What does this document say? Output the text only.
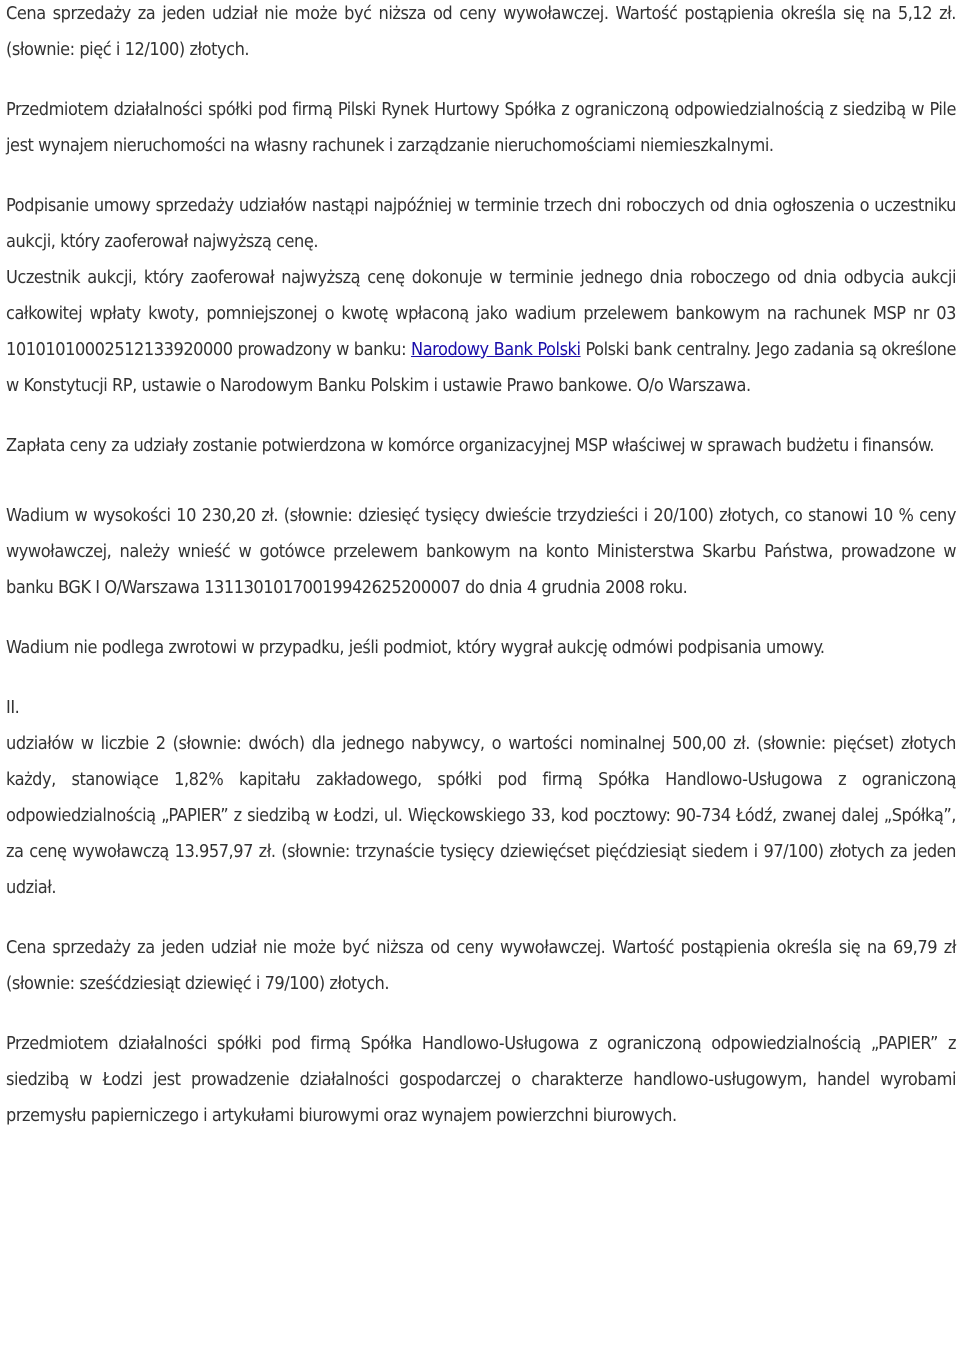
Cena sprzedaży za jeden udział nie może być niższa od ceny wywoławczej. Wartość postąpienia określa się na 5,12 zł. (słownie: pięć i 12/100) złotych.

Przedmiotem działalności spółki pod firmą Pilski Rynek Hurtowy Spółka z ograniczoną odpowiedzialnością z siedzibą w Pile jest wynajem nieruchomości na własny rachunek i zarządzanie nieruchomościami niemieszkalnymi.

Podpisanie umowy sprzedaży udziałów nastąpi najpóźniej w terminie trzech dni roboczych od dnia ogłoszenia o uczestniku aukcji, który zaoferował najwyższą cenę.

Uczestnik aukcji, który zaoferował najwyższą cenę dokonuje w terminie jednego dnia roboczego od dnia odbycia aukcji całkowitej wpłaty kwoty, pomniejszonej o kwotę wpłaconą jako wadium przelewem bankowym na rachunek MSP nr 03 10101010002512133920000 prowadzony w banku: Narodowy Bank Polski Polski bank centralny. Jego zadania są określone w Konstytucji RP, ustawie o Narodowym Banku Polskim i ustawie Prawo bankowe. O/o Warszawa.

Zapłata ceny za udziały zostanie potwierdzona w komórce organizacyjnej MSP właściwej w sprawach budżetu i finansów.

Wadium w wysokości 10 230,20 zł. (słownie: dziesięć tysięcy dwieście trzydzieści i 20/100) złotych, co stanowi 10 % ceny wywoławczej, należy wnieść w gotówce przelewem bankowym na konto Ministerstwa Skarbu Państwa, prowadzone w banku BGK I O/Warszawa 13113010170019942625200007 do dnia 4 grudnia 2008 roku.

Wadium nie podlega zwrotowi w przypadku, jeśli podmiot, który wygrał aukcję odmówi podpisania umowy.

II.

udziałów w liczbie 2 (słownie: dwóch) dla jednego nabywcy, o wartości nominalnej 500,00 zł. (słownie: pięćset) złotych każdy, stanowiące 1,82% kapitału zakładowego, spółki pod firmą Spółka Handlowo-Usługowa z ograniczoną odpowiedzialnością „PAPIER” z siedzibą w Łodzi, ul. Więckowskiego 33, kod pocztowy: 90-734 Łódź, zwanej dalej „Spółką”, za cenę wywoławczą 13.957,97 zł. (słownie: trzynaście tysięcy dziewięćset pięćdziesiąt siedem i 97/100) złotych za jeden udział.

Cena sprzedaży za jeden udział nie może być niższa od ceny wywoławczej. Wartość postąpienia określa się na 69,79 zł (słownie: sześćdziesiąt dziewięć i 79/100) złotych.

Przedmiotem działalności spółki pod firmą Spółka Handlowo-Usługowa z ograniczoną odpowiedzialnością „PAPIER” z siedzibą w Łodzi jest prowadzenie działalności gospodarczej o charakterze handlowo-usługowym, handel wyrobami przemysłu papierniczego i artykułami biurowymi oraz wynajem powierzchni biurowych.
